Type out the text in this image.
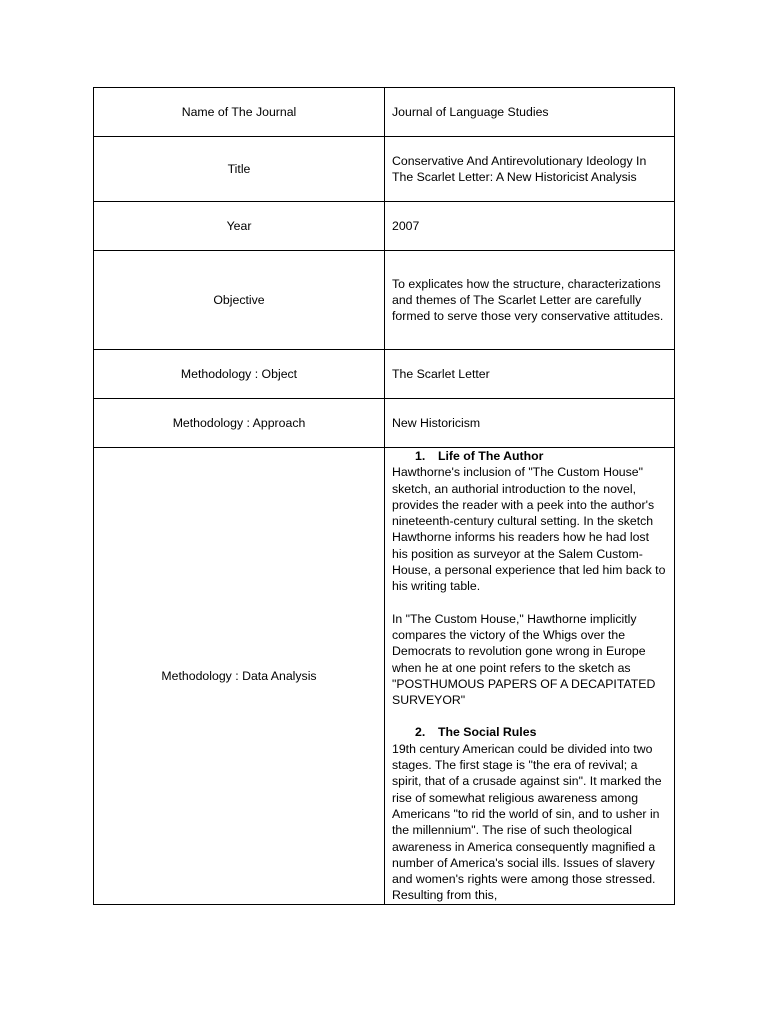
Name of The Journal	Journal of Language Studies
Title	Conservative And Antirevolutionary Ideology In The Scarlet Letter: A New Historicist Analysis
Year	2007
Objective	To explicates how the structure, characterizations and themes of The Scarlet Letter are carefully formed to serve those very conservative attitudes.
Methodology : Object	The Scarlet Letter
Methodology : Approach	New Historicism
Methodology : Data Analysis	1. Life of The Author
Hawthorne's inclusion of "The Custom House" sketch, an authorial introduction to the novel, provides the reader with a peek into the author's nineteenth-century cultural setting. In the sketch Hawthorne informs his readers how he had lost his position as surveyor at the Salem Custom-House, a personal experience that led him back to his writing table.
In "The Custom House," Hawthorne implicitly compares the victory of the Whigs over the Democrats to revolution gone wrong in Europe when he at one point refers to the sketch as "POSTHUMOUS PAPERS OF A DECAPITATED SURVEYOR"
2. The Social Rules
19th century American could be divided into two stages. The first stage is "the era of revival; a spirit, that of a crusade against sin". It marked the rise of somewhat religious awareness among Americans "to rid the world of sin, and to usher in the millennium". The rise of such theological awareness in America consequently magnified a number of America's social ills. Issues of slavery and women's rights were among those stressed. Resulting from this,
